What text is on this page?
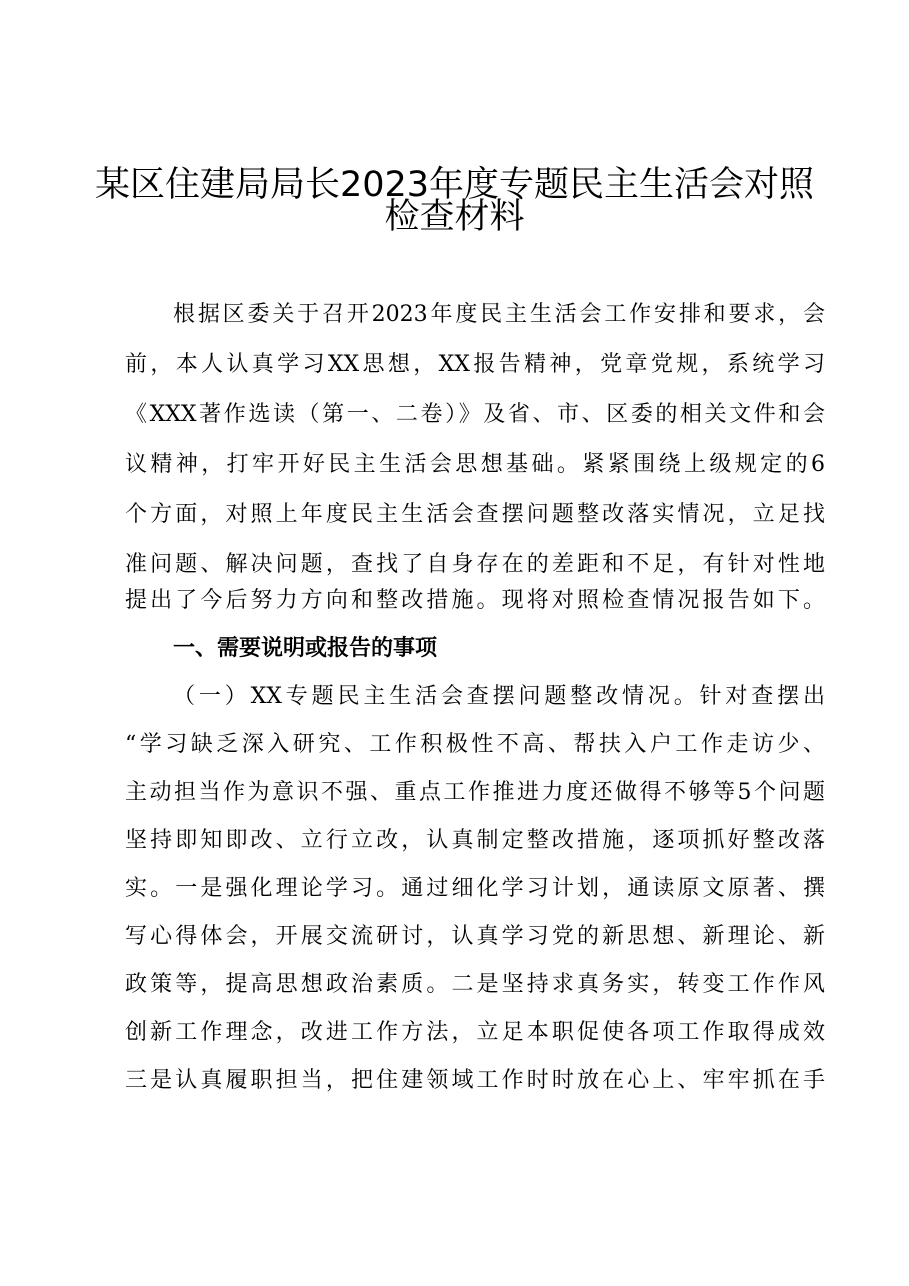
某区住建局局长2023年度专题民主生活会对照
检查材料
根据区委关于召开2023年度民主生活会工作安排和要求，会
前，本人认真学习XX思想，XX报告精神，党章党规，系统学习
《XXX著作选读（第一、二卷）》及省、市、区委的相关文件和会
议精神，打牢开好民主生活会思想基础。紧紧围绕上级规定的6
个方面，对照上年度民主生活会查摆问题整改落实情况，立足找
准问题、解决问题，查找了自身存在的差距和不足，有针对性地
提出了今后努力方向和整改措施。现将对照检查情况报告如下。
一、需要说明或报告的事项
（一）XX专题民主生活会查摆问题整改情况。针对查摆出
“学习缺乏深入研究、工作积极性不高、帮扶入户工作走访少、
主动担当作为意识不强、重点工作推进力度还做得不够等5个问题
坚持即知即改、立行立改，认真制定整改措施，逐项抓好整改落
实。一是强化理论学习。通过细化学习计划，通读原文原著、撰
写心得体会，开展交流研讨，认真学习党的新思想、新理论、新
政策等，提高思想政治素质。二是坚持求真务实，转变工作作风
创新工作理念，改进工作方法，立足本职促使各项工作取得成效
三是认真履职担当，把住建领域工作时时放在心上、牢牢抓在手
